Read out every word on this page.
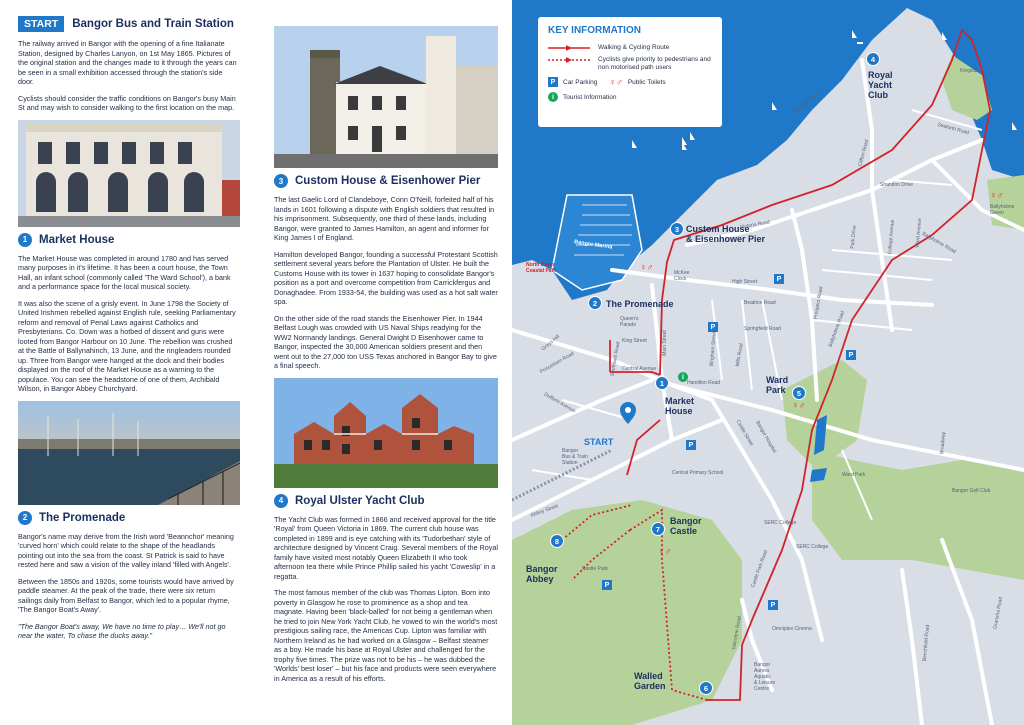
START	Bangor Bus and Train Station

The railway arrived in Bangor with the opening of a fine Italianate Station, designed by Charles Lanyon, on 1st May 1865. Pictures of the original station and the changes made to it through the years can be seen in a small exhibition accessed through the station's side door.

Cyclists should consider the traffic conditions on Bangor's busy Main St and may wish to consider walking to the first location on the map.

1	Market House

The Market House was completed in around 1780 and has served many purposes in it's lifetime. It has been a court house, the Town Hall, an infant school (commonly called 'The Ward School'), a bank and a performance space for the local musical society.

It was also the scene of a grisly event. In June 1798 the Society of United Irishmen rebelled against English rule, seeking Parliamentary reform and removal of Penal Laws against Catholics and Presbyterians. Co. Down was a hotbed of dissent and guns were looted from Bangor Harbour on 10 June. The rebellion was crushed at the Battle of Ballynahinch, 13 June, and the ringleaders rounded up. Three from Bangor were hanged at the dock and their bodies displayed on the roof of the Market House as a warning to the populace. You can see the headstone of one of them, Archibald Wilson, in Bangor Abbey Churchyard.

2	The Promenade

Bangor's name may derive from the Irish word 'Beannchor' meaning 'curved horn' which could relate to the shape of the headlands pointing out into the sea from the coast. St Patrick is said to have rested here and saw a vision of the valley inland 'filled with Angels'.

Between the 1850s and 1920s, some tourists would have arrived by paddle steamer. At the peak of the trade, there were six return sailings daily from Belfast to Bangor, which led to a popular rhyme, 'The Bangor Boat's Away'.

"The Bangor Boat's away, We have no time to play… We'll not go near the water, To chase the ducks away."

3	Custom House & Eisenhower Pier

The last Gaelic Lord of Clandeboye, Conn O'Neill, forfeited half of his lands in 1601 following a dispute with English soldiers that resulted in his imprisonment. Subsequently, one third of these lands, including Bangor, were granted to James Hamilton, an agent and informer for King James I of England.

Hamilton developed Bangor, founding a successful Protestant Scottish settlement several years before the Plantation of Ulster. He built the Customs House with its tower in 1637 hoping to consolidate Bangor's position as a port and overcome competition from Carrickfergus and Donaghadee. From 1933-54, the building was used as a hot salt water spa.

On the other side of the road stands the Eisenhower Pier. In 1944 Belfast Lough was crowded with US Naval Ships readying for the WW2 Normandy landings. General Dwight D Eisenhower came to Bangor, inspected the 30,000 American soldiers present and then went out to the 27,000 ton USS Texas anchored in Bangor Bay to give a final speech.

4	Royal Ulster Yacht Club

The Yacht Club was formed in 1866 and received approval for the title 'Royal' from Queen Victoria in 1869. The current club house was completed in 1899 and is eye catching with its 'Tudorbethan' style of architecture designed by Vincent Craig. Several members of the Royal family have visited most notably Queen Elizabeth II who took afternoon tea there while Prince Phillip sailed his yacht 'Coweslip' in a regatta.

The most famous member of the club was Thomas Lipton. Born into poverty in Glasgow he rose to prominence as a shop and tea magnate. Having been 'black-balled' for not being a gentleman when he tried to join New York Yacht Club, he vowed to win the world's most prestigious sailing race, the Americas Cup. Lipton was familiar with Northern Ireland as he had worked on a Glasgow – Belfast steamer as a boy. He made his base at Royal Ulster and challenged for the trophy five times. The prize was not to be his – he was dubbed the 'Worlds' best loser' – but his face and products were seen everywhere in America as a result of his efforts.

KEY INFORMATION
Walking & Cycling Route
Cyclists give priority to pedestrians and non motorised path users
P	Car Parking ♀♂ Public Toilets
i	Tourist Information
1
Market
House
2 The Promenade
3 Custom House
& Eisenhower Pier
4
Royal
Yacht
Club
5
Ward
Park
6
Walled
Garden
7
Bangor
Castle
8
Bangor
Abbey
START
Bangor Marina
North Down
Coastal Path	McKee
Clock
Bangor
Bus & Train
Station
High Street
Main Street
Hamilton Road
Queen's
Parade
Central Avenue
King Street
Victoria Road
Seacliff Road
Clifton Road
Ballyholme Road
Seaforth Road
Shandon Drive
Abbey Street
Castle Park	Castle Park Road
Valentine Road
Central Primary School
SERC College
SERC College
Omniplex Cinema
Bangor
Aurora
Aquatic
& Leisure
Centre
Bangor Golf Club
Ward Park
Kingsland
Ballyholme
Green
Gransha Road
Beechfield Road
Broadway
Dufferin Avenue
Princetown Road
Grays Hill	Southwell Road
Beatrice Road
Springfield Road
Prospect Road
Ward Avenue
College Avenue
Park Drive
Bingham Street	Mills Road
Bangor Hospital
Castle Street
Ballyholme Road
P
P
P
P
P
P
i
♀♂
♀♂
♀♂
♀♂
